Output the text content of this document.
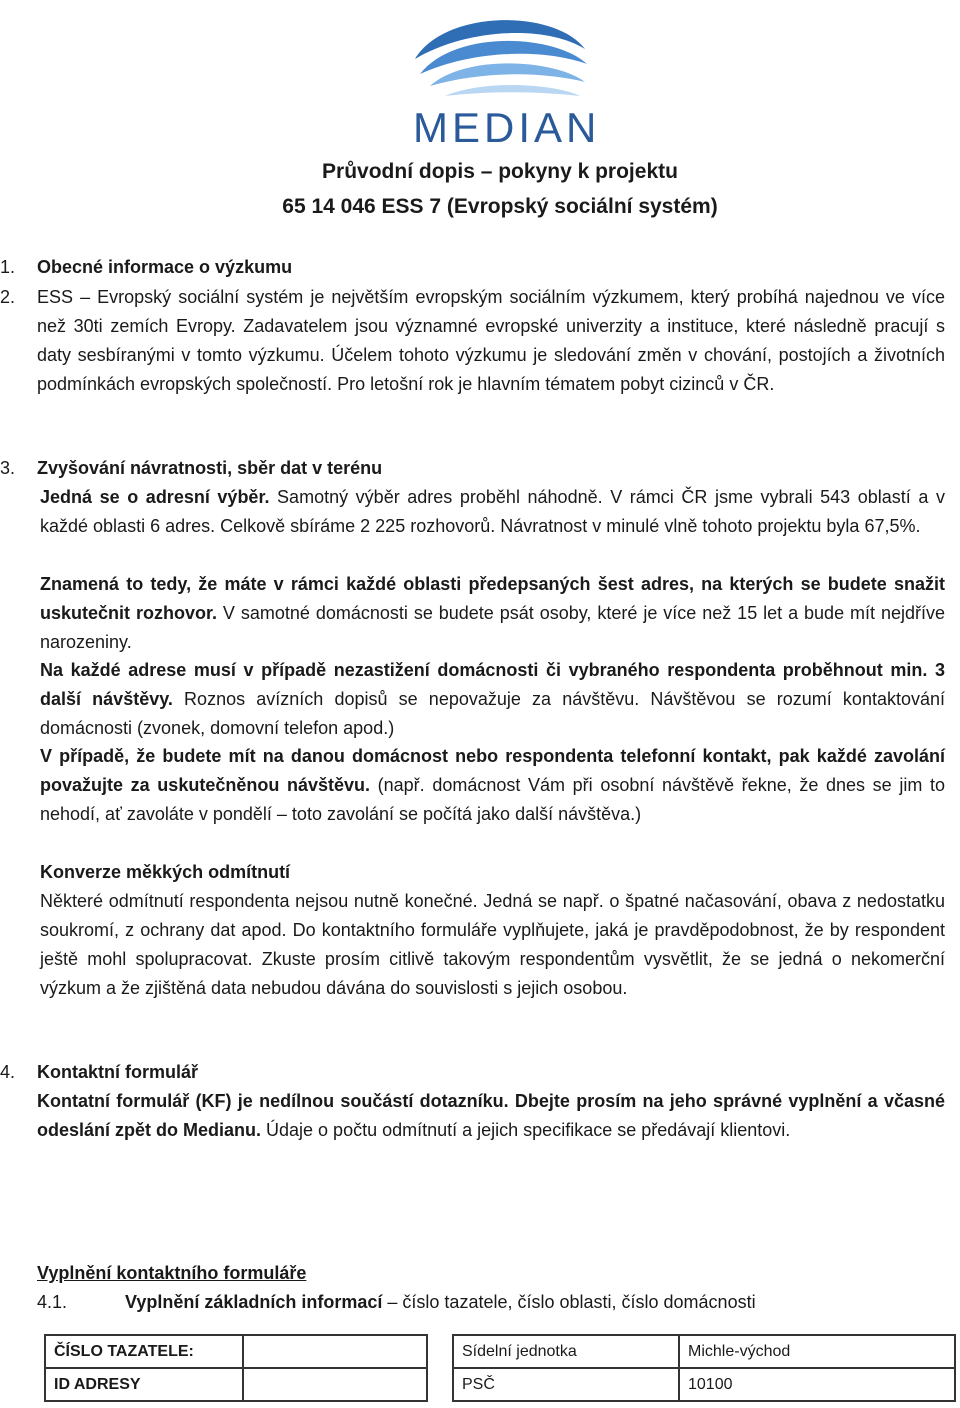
MEDIAN
Průvodní dopis – pokyny k projektu
65 14 046 ESS 7 (Evropský sociální systém)
1. Obecné informace o výzkumu
2. ESS – Evropský sociální systém je největším evropským sociálním výzkumem, který probíhá najednou ve více než 30ti zemích Evropy. Zadavatelem jsou významné evropské univerzity a instituce, které následně pracují s daty sesbíranými v tomto výzkumu. Účelem tohoto výzkumu je sledování změn v chování, postojích a životních podmínkách evropských společností. Pro letošní rok je hlavním tématem pobyt cizinců v ČR.
3. Zvyšování návratnosti, sběr dat v terénu
Jedná se o adresní výběr. Samotný výběr adres proběhl náhodně. V rámci ČR jsme vybrali 543 oblastí a v každé oblasti 6 adres. Celkově sbíráme 2 225 rozhovorů. Návratnost v minulé vlně tohoto projektu byla 67,5%.
Znamená to tedy, že máte v rámci každé oblasti předepsaných šest adres, na kterých se budete snažit uskutečnit rozhovor. V samotné domácnosti se budete psát osoby, které je více než 15 let a bude mít nejdříve narozeniny.
Na každé adrese musí v případě nezastižení domácnosti či vybraného respondenta proběhnout min. 3 další návštěvy. Roznos avízních dopisů se nepovažuje za návštěvu. Návštěvou se rozumí kontaktování domácnosti (zvonek, domovní telefon apod.)
V případě, že budete mít na danou domácnost nebo respondenta telefonní kontakt, pak každé zavolání považujte za uskutečněnou návštěvu. (např. domácnost Vám při osobní návštěvě řekne, že dnes se jim to nehodí, ať zavoláte v pondělí – toto zavolání se počítá jako další návštěva.)
Konverze měkkých odmítnutí
Některé odmítnutí respondenta nejsou nutně konečné. Jedná se např. o špatné načasování, obava z nedostatku soukromí, z ochrany dat apod. Do kontaktního formuláře vyplňujete, jaká je pravděpodobnost, že by respondent ještě mohl spolupracovat. Zkuste prosím citlivě takovým respondentům vysvětlit, že se jedná o nekomerční výzkum a že zjištěná data nebudou dávána do souvislosti s jejich osobou.
4. Kontaktní formulář
Kontatní formulář (KF) je nedílnou součástí dotazníku. Dbejte prosím na jeho správné vyplnění a včasné odeslání zpět do Medianu. Údaje o počtu odmítnutí a jejich specifikace se předávají klientovi.
Vyplnění kontaktního formuláře
4.1.	Vyplnění základních informací – číslo tazatele, číslo oblasti, číslo domácnosti
ČÍSLO TAZATELE:	
ID ADRESY	
Sídelní jednotka	Michle-východ
PSČ	10100
